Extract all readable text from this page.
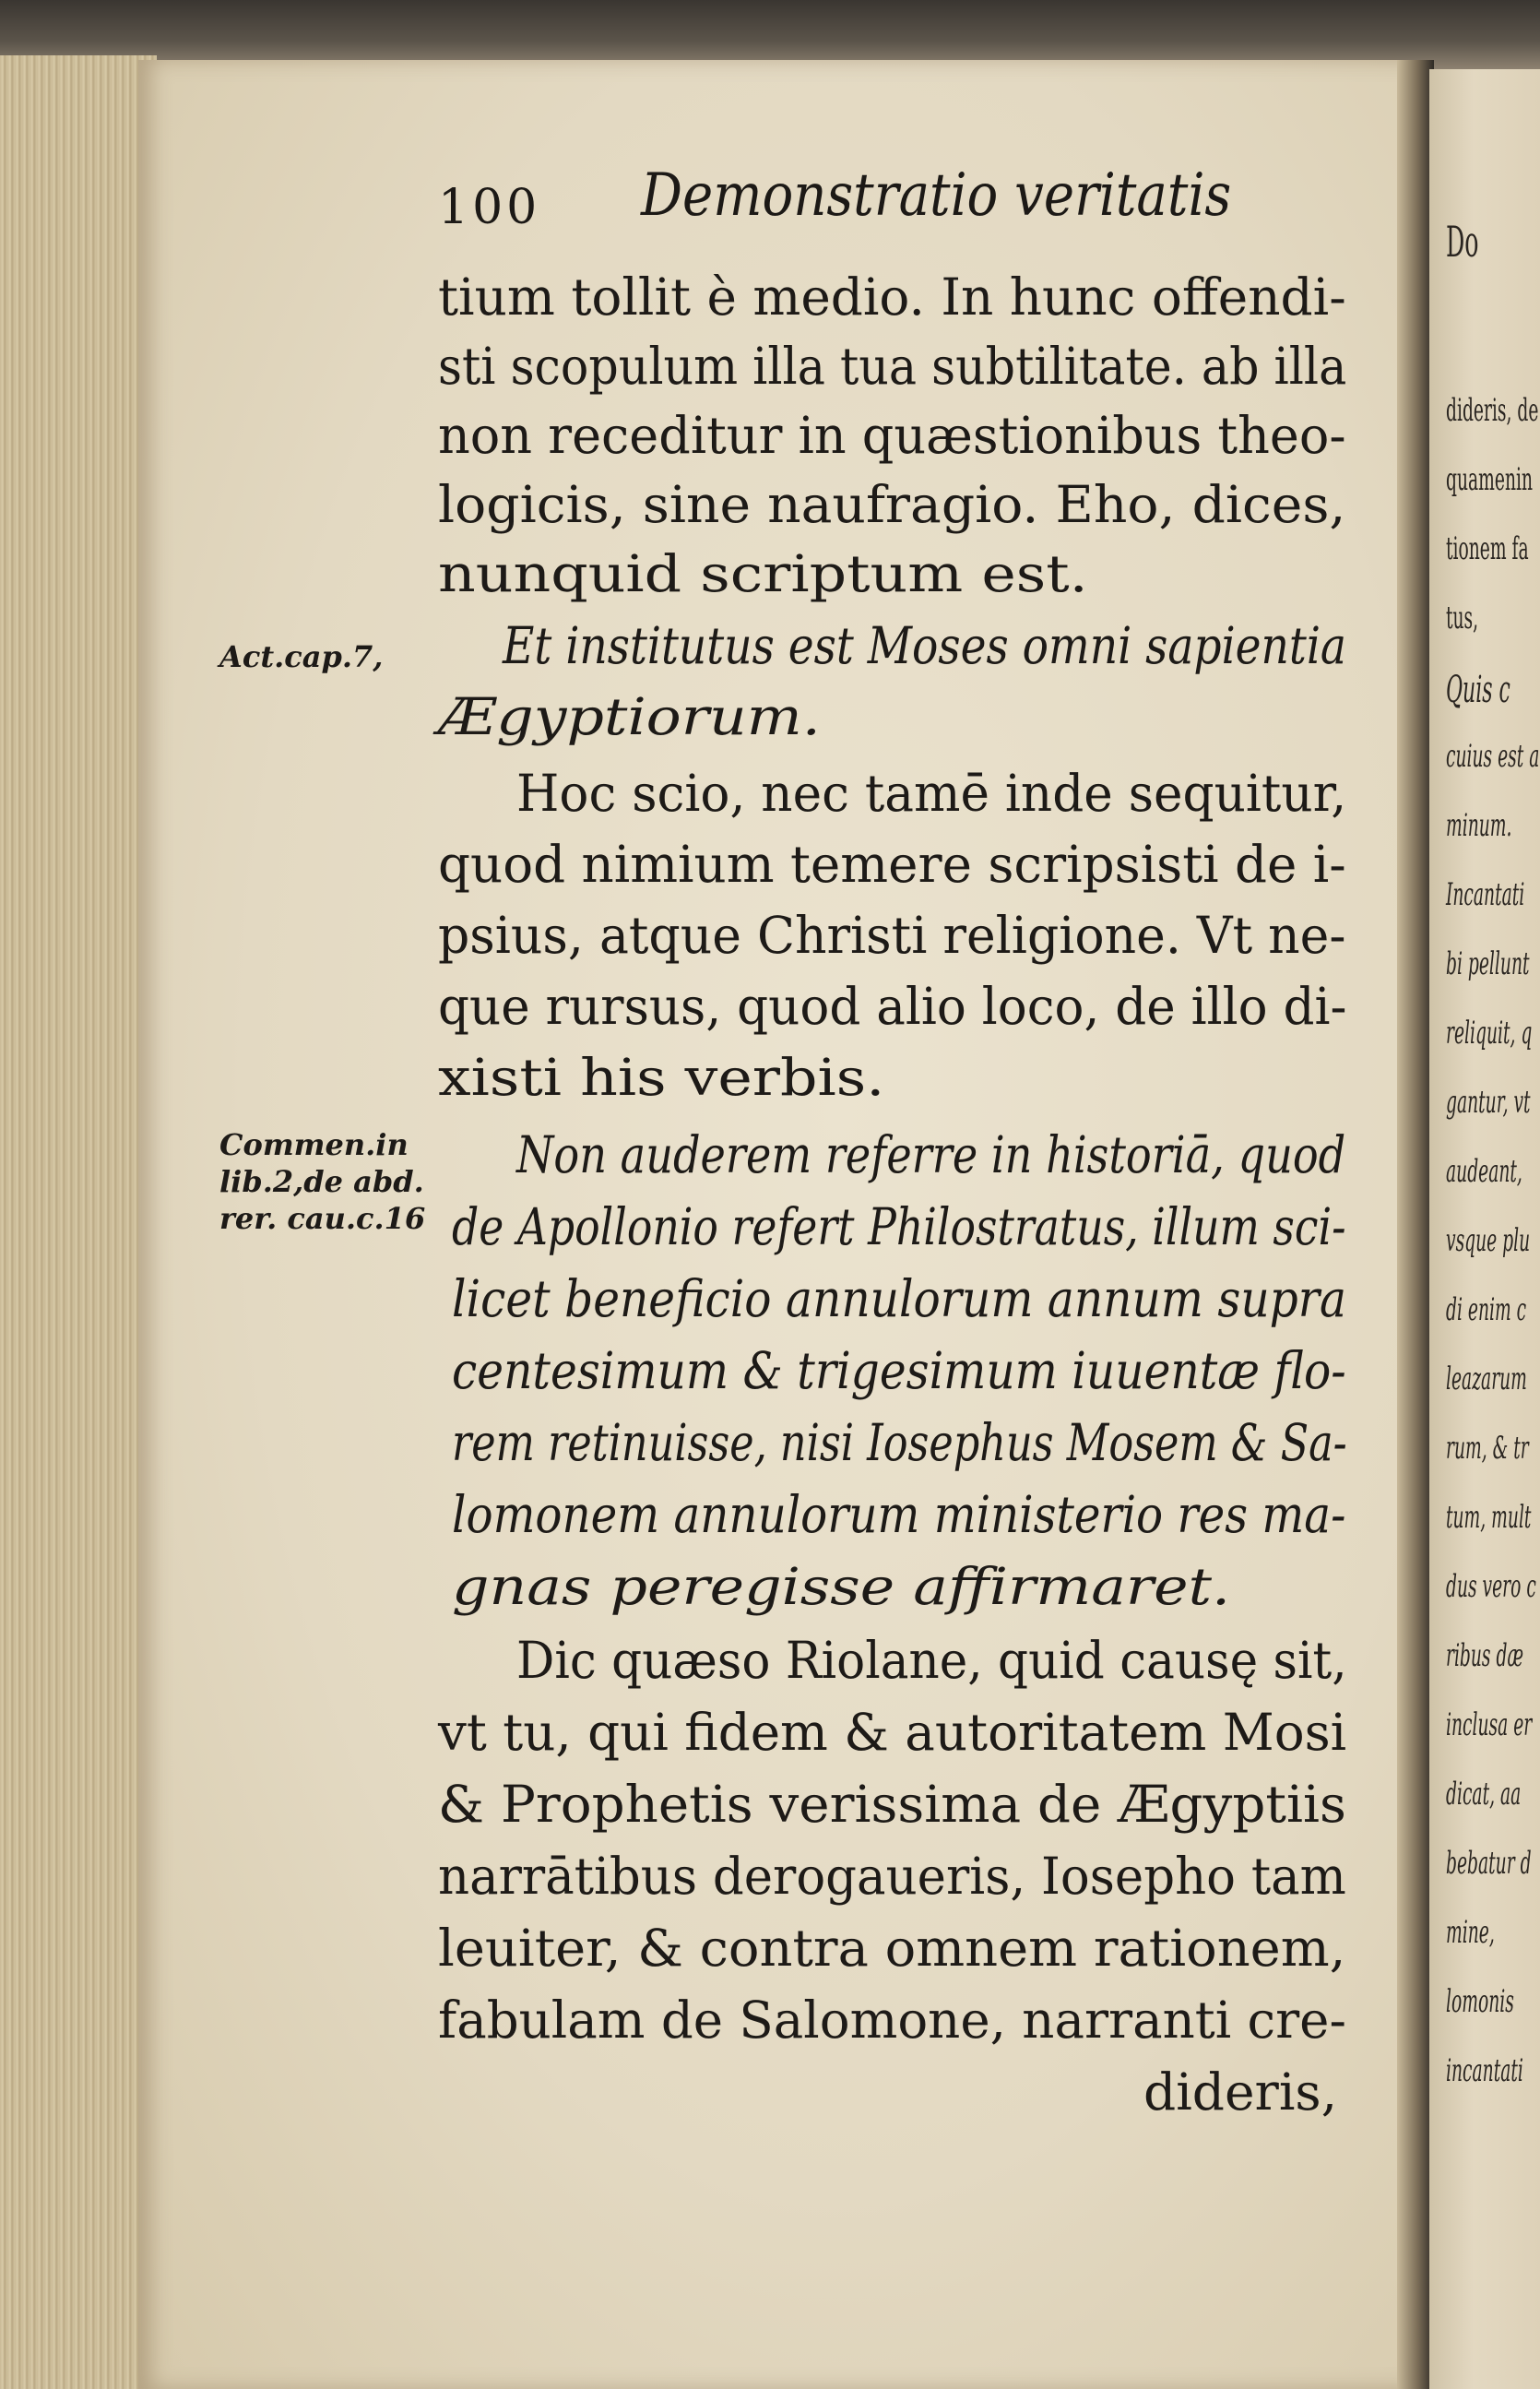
Do
dideris, de
quamenin
tionem fa
tus,
Quis c
cuius est a
minum.
Incantati
bi pellunt
reliquit, q
gantur, vt
audeant,
vsque plu
di enim c
leazarum
rum, & tr
tum, mult
dus vero c
ribus dæ
inclusa er
dicat, aa
bebatur d
mine,
lomonis
incantati
100 Demonstratio veritatis
tium tollit è medio. In hunc offendi-
sti scopulum illa tua subtilitate. ab illa
non receditur in quæstionibus theo-
logicis, sine naufragio. Eho, dices,
nunquid scriptum est.
Et institutus est Moses omni sapientia
Ægyptiorum.
Hoc scio, nec tamē inde sequitur,
quod nimium temere scripsisti de i-
psius, atque Christi religione. Vt ne-
que rursus, quod alio loco, de illo di-
xisti his verbis.
Non auderem referre in historiā, quod
de Apollonio refert Philostratus, illum sci-
licet beneficio annulorum annum supra
centesimum & trigesimum iuuentæ flo-
rem retinuisse, nisi Iosephus Mosem & Sa-
lomonem annulorum ministerio res ma-
gnas peregisse affirmaret.
Dic quæso Riolane, quid causę sit,
vt tu, qui fidem & autoritatem Mosi
& Prophetis verissima de Ægyptiis
narrātibus derogaueris, Iosepho tam
leuiter, & contra omnem rationem,
fabulam de Salomone, narranti cre-
dideris,
Act.cap.7,
Commen.in
lib.2,de abd.
rer. cau.c.16
